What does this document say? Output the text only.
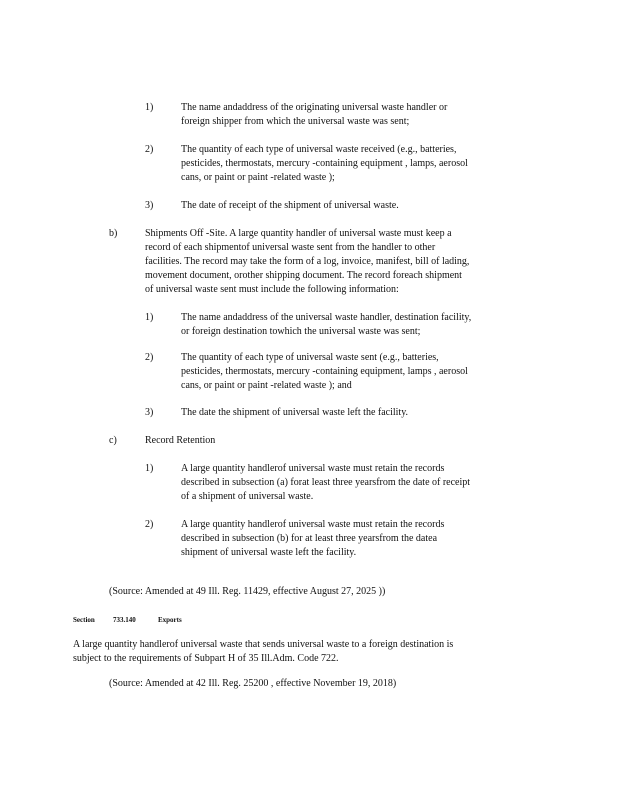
1)	The name andaddress of the originating universal waste handler or
foreign shipper from which the universal waste was sent;
2)	The quantity of each type of universal waste received (e.g., batteries,
pesticides, thermostats, mercury -containing equipment , lamps, aerosol
cans, or paint or paint -related waste );
3)	The date of receipt of the shipment of universal waste.
b)	Shipments Off -Site. A large quantity handler of universal waste must keep a
record of each shipmentof universal waste sent from the handler to other
facilities. The record may take the form of a log, invoice, manifest, bill of lading,
movement document, orother shipping document. The record foreach shipment
of universal waste sent must include the following information:
1)	The name andaddress of the universal waste handler, destination facility,
or foreign destination towhich the universal waste was sent;
2)	The quantity of each type of universal waste sent (e.g., batteries,
pesticides, thermostats, mercury -containing equipment, lamps , aerosol
cans, or paint or paint -related waste ); and
3)	The date the shipment of universal waste left the facility.
c)	Record Retention
1)	A large quantity handlerof universal waste must retain the records
described in subsection (a) forat least three yearsfrom the date of receipt
of a shipment of universal waste.
2)	A large quantity handlerof universal waste must retain the records
described in subsection (b) for at least three yearsfrom the datea
shipment of universal waste left the facility.
(Source: Amended at 49 Ill. Reg. 11429, effective August 27, 2025 ))
Section	733.140	Exports
A large quantity handlerof universal waste that sends universal waste to a foreign destination is
subject to the requirements of Subpart H of 35 Ill.Adm. Code 722.
(Source: Amended at 42 Ill. Reg. 25200 , effective November 19, 2018)
